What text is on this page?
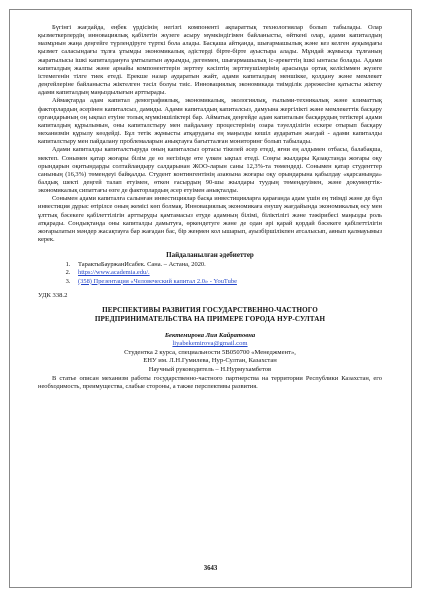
Бүгінгі жағдайда, еңбек үрдісінің негізгі компоненті ақпараттық технологиялар болып табылады. Олар қызметкерлердің инновациялық қабілетін жүзеге асыру мүмкіндігімен байланысты, өйткені олар, адами капиталдың мазмұнын жаңа деңгейге түрлендіруге түрткі бола алады. Басқаша айтқанда, шығармашылық және кез келген ауқымдағы қызмет саласындағы тұлға ұтымды экономикалық әдістерді бірте-бірте ауыстыра алады. Мұндай жұмысқа тұлғаның жаратылысы ішкі капиталдануға ұмтылатын ауқымды, дегенмен, шығармашылық іс-әрекеттің ішкі ынтасы болады. Адами капиталдың жалпы және арнайы компоненттерін зерттеу кәсіптің зерттеушілерінің арасында ортақ келісіммен жүзеге істемегенін тілге тиек етеді. Ерекше назар аударатын жайт, адами капиталдың меншікке, қолдану және мемлекет деңгейлеріне байланысты жіктелген тәсіл болуы тиіс. Инновациялық экономикада тиімділік дәрежесіне қатысты жіктеу адами капиталдың маңыздылығын арттырады.

Аймақтарда адам капитал демографиялық, экономикалық, экологиялық, ғылыми-техникалық және климаттық факторлардың әсерінен капиталсыз, дамиды. Адами капиталдың капиталсыз, дамуына жергілікті және мемлекеттік басқару органдарының оң ықпал етуіне толық мүмкіншіліктері бар. Айматық деңгейде адам капиталын басқарудың тетіктері адами капиталдың құрылымын, оны капиталстыру мен пайдалану процестерінің озара тәуелділігін ескере отырып басқару механизмін құрылу көздейді. Бұл тетік жұмысты атқарудағы ең маңызды кешіл аударатын жағдай - адами капиталды капиталстыру мен пайдалану проблемаларын анықтауға бағытталған мониторинг болып табылады.

Адами капиталды капиталстыруда оның капиталсыз ортасы тікелей әсер етеді, яғни ең алдымен отбасы, балабақша, мектеп. Сонымен қатар жоғары білім де өз негізінде өте үлкен ықпал етеді. Соңғы жылдары Қазақстанда жоғары оқу орындарын оқитындарды солтайландыру салдарынан ЖОО-ларын саны 12,3%-та төмендеді. Сонымен қатар студенттер санының (16,3%) төмендеуі байқалды. Студент контингентінің азаюына жоғары оқу орындарына қабылдау «қарсаныңда» балдық шекті деңгей талап етуімен, өткен ғасырдың 90-шы жылдары туудың төмендеуімен, және докумеңттік-экономикалық сипаттағы өзге де факторлардың әсер етуімен анықталды.

Сонымен адами капиталға салынған инвестициялар басқа инвестицияларға қарағанда адам үшін ең тиімді және де бұл инвестиция дұрыс өтірілсе оның жемісі көп болмақ. Инновациялық экономикаға енушү жағдайында экономикалық өсу мен ұлттық бәсекеге қабілеттілігін арттыруды қамтамасыз етуде адамның білімі, біліктілігі және тәжірибесі маңызды роль атқарады. Сондықтанда оны капиталды дамытуға, өркендетуге және де одан әрі қарай қордай бәсекеге қабілеттілігін жоғарылатын мәндер жасақтауға бар жағадан бас, бір жеңмен кол ышарып, ауызбіршілікпен атсалысып, аянып қалмауымыз керек.

Пайдаланылған әдебиеттер
1. ТарактыБауржанИсабек. Сана. – Астана, 2020.
2. https://www.academia.edu/.
3. (358) Презентация «Человеческий капитал 2.0» - YouTube
УДК 338.2
ПЕРСПЕКТИВЫ РАЗВИТИЯ ГОСУДАРСТВЕННО-ЧАСТНОГО
ПРЕДПРИНИМАТЕЛЬСТВА НА ПРИМЕРЕ ГОРОДА НУР-СУЛТАН
Бектемирова Лия Кайратовна
liyabekemirova@gmail.com
Студентка 2 курса, специальности 5В050700 «Менеджмент»,
ЕНУ им. Л.Н.Гумилева, Нур-Султан, Казахстан
Научный руководитель – Н.Нурмухамбетов

В статье описан механизм работы государственно-частного партнерства на территории Республики Казахстан, его необходимость, преимущества, слабые стороны, а также перспективы развития.

3643
